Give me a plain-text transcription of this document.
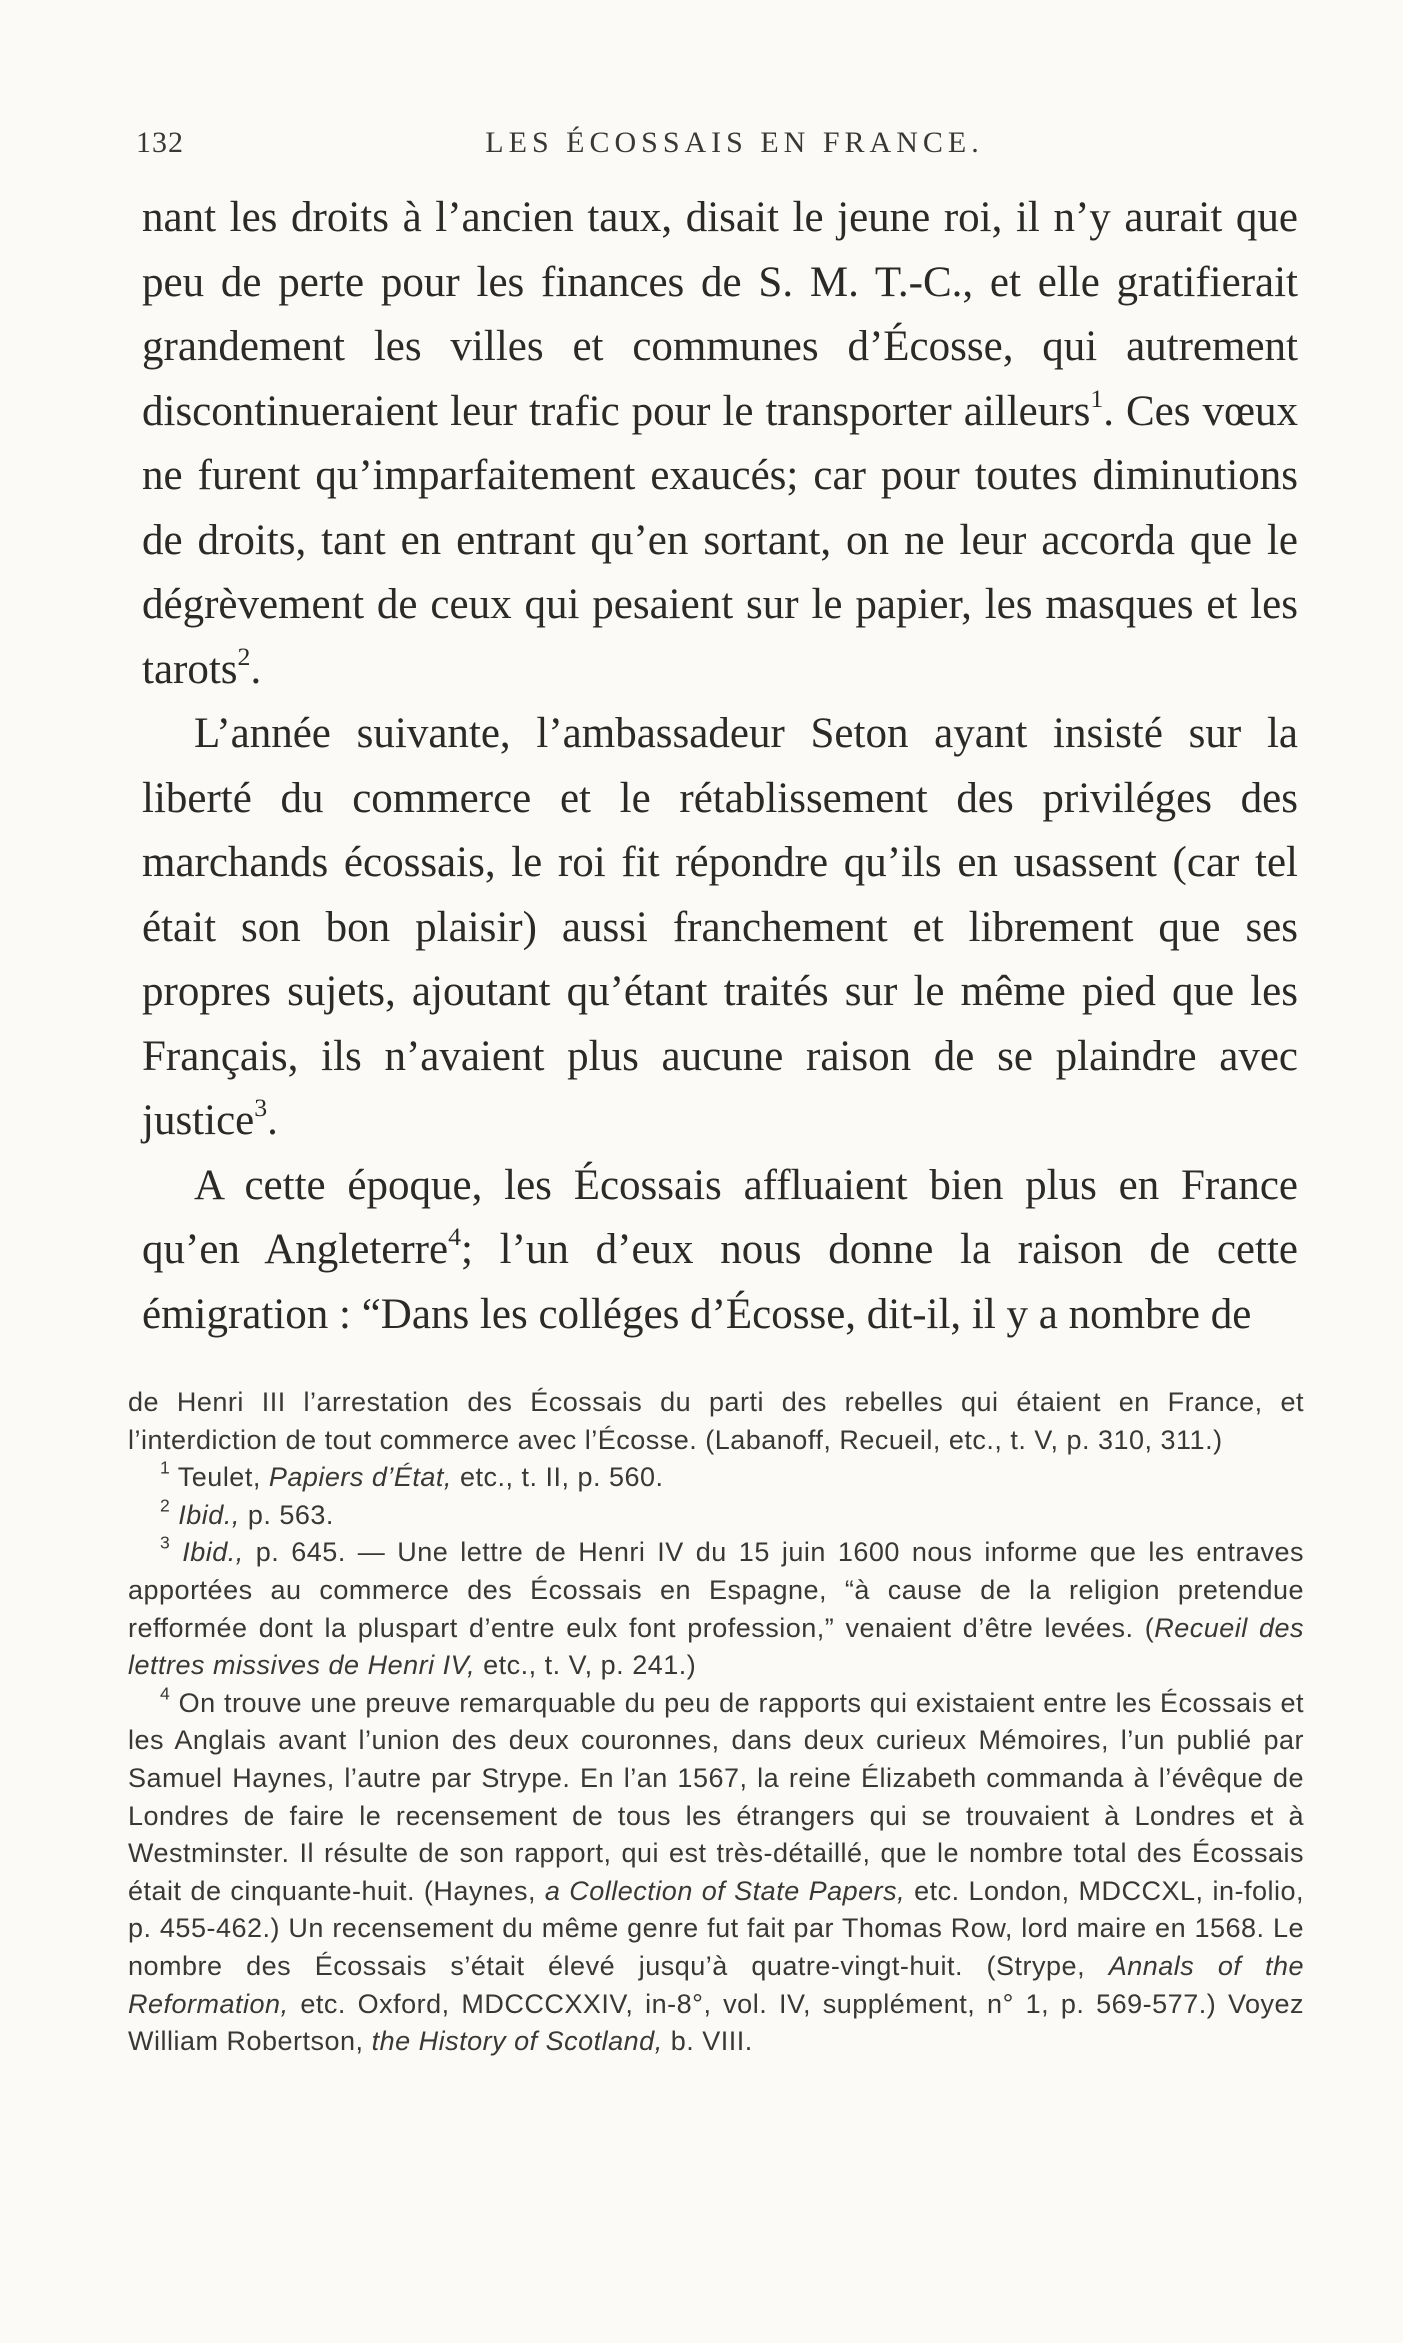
132	LES ÉCOSSAIS EN FRANCE.

nant les droits à l’ancien taux, disait le jeune roi, il n’y aurait que peu de perte pour les finances de S. M. T.-C., et elle gratifierait grandement les villes et communes d’Écosse, qui autrement discontinueraient leur trafic pour le transporter ailleurs$^1$. Ces vœux ne furent qu’imparfaitement exaucés; car pour toutes diminutions de droits, tant en entrant qu’en sortant, on ne leur accorda que le dégrèvement de ceux qui pesaient sur le papier, les masques et les tarots$^2$.

L’année suivante, l’ambassadeur Seton ayant insisté sur la liberté du commerce et le rétablissement des priviléges des marchands écossais, le roi fit répondre qu’ils en usassent (car tel était son bon plaisir) aussi franchement et librement que ses propres sujets, ajoutant qu’étant traités sur le même pied que les Français, ils n’avaient plus aucune raison de se plaindre avec justice$^3$.

A cette époque, les Écossais affluaient bien plus en France qu’en Angleterre$^4$; l’un d’eux nous donne la raison de cette émigration : “Dans les colléges d’Écosse, dit-il, il y a nombre de

de Henri III l’arrestation des Écossais du parti des rebelles qui étaient en France, et l’interdiction de tout commerce avec l’Écosse. (Labanoff, Recueil, etc., t. V, p. 310, 311.)

$^1$ Teulet, Papiers d’État, etc., t. II, p. 560.

$^2$ Ibid., p. 563.

$^3$ Ibid., p. 645. — Une lettre de Henri IV du 15 juin 1600 nous informe que les entraves apportées au commerce des Écossais en Espagne, “à cause de la religion pretendue refformée dont la pluspart d’entre eulx font profession,” venaient d’être levées. (Recueil des lettres missives de Henri IV, etc., t. V, p. 241.)

$^4$ On trouve une preuve remarquable du peu de rapports qui existaient entre les Écossais et les Anglais avant l’union des deux couronnes, dans deux curieux Mémoires, l’un publié par Samuel Haynes, l’autre par Strype. En l’an 1567, la reine Élizabeth commanda à l’évêque de Londres de faire le recensement de tous les étrangers qui se trouvaient à Londres et à Westminster. Il résulte de son rapport, qui est très-détaillé, que le nombre total des Écossais était de cinquante-huit. (Haynes, a Collection of State Papers, etc. London, MDCCXL, in-folio, p. 455-462.) Un recensement du même genre fut fait par Thomas Row, lord maire en 1568. Le nombre des Écossais s’était élevé jusqu’à quatre-vingt-huit. (Strype, Annals of the Reformation, etc. Oxford, MDCCCXXIV, in-8°, vol. IV, supplément, n° 1, p. 569-577.) Voyez William Robertson, the History of Scotland, b. VIII.
